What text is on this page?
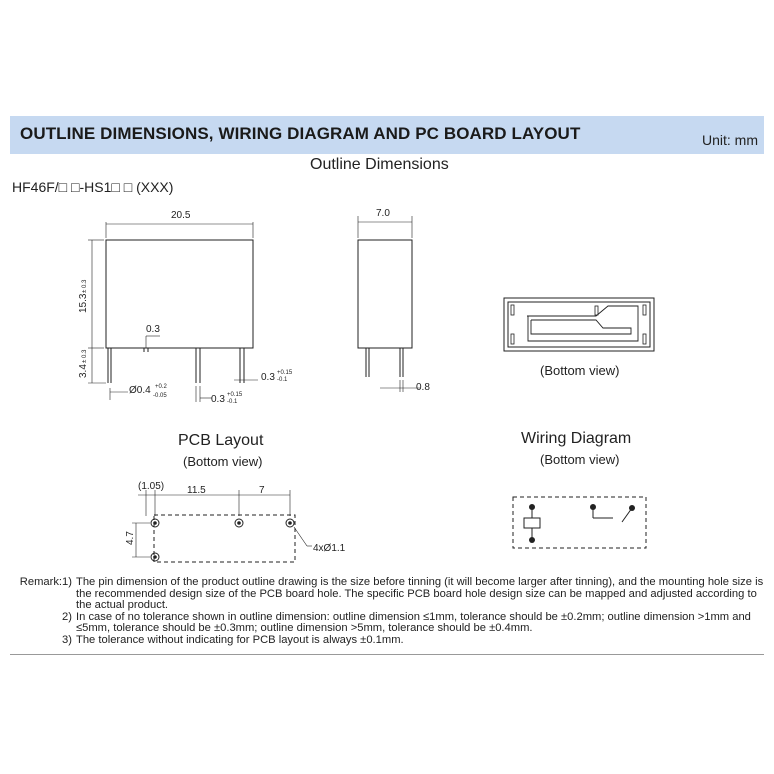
OUTLINE DIMENSIONS, WIRING DIAGRAM AND PC BOARD LAYOUT	Unit: mm
Outline Dimensions
HF46F/□ □-HS1□ □ (XXX)
(Bottom view)
PCB Layout
(Bottom view)
Wiring Diagram
(Bottom view)
20.5
15.3
± 0.3
3.4
± 0.3
0.3
Ø0.4 +0.2
-0.05
0.3 +0.15
-0.1
0.3 +0.15
-0.1
7.0
0.8
(1.05) 11.5	7
4.7
4xØ1.1
Remark:1) The pin dimension of the product outline drawing is the size before tinning (it will become larger after tinning), and the mounting hole size is the recommended design size of the PCB board hole. The specific PCB board hole design size can be mapped and adjusted according to the actual product.
2) In case of no tolerance shown in outline dimension: outline dimension ≤1mm, tolerance should be ±0.2mm; outline dimension >1mm and ≤5mm, tolerance should be ±0.3mm; outline dimension >5mm, tolerance should be ±0.4mm.
3) The tolerance without indicating for PCB layout is always ±0.1mm.
